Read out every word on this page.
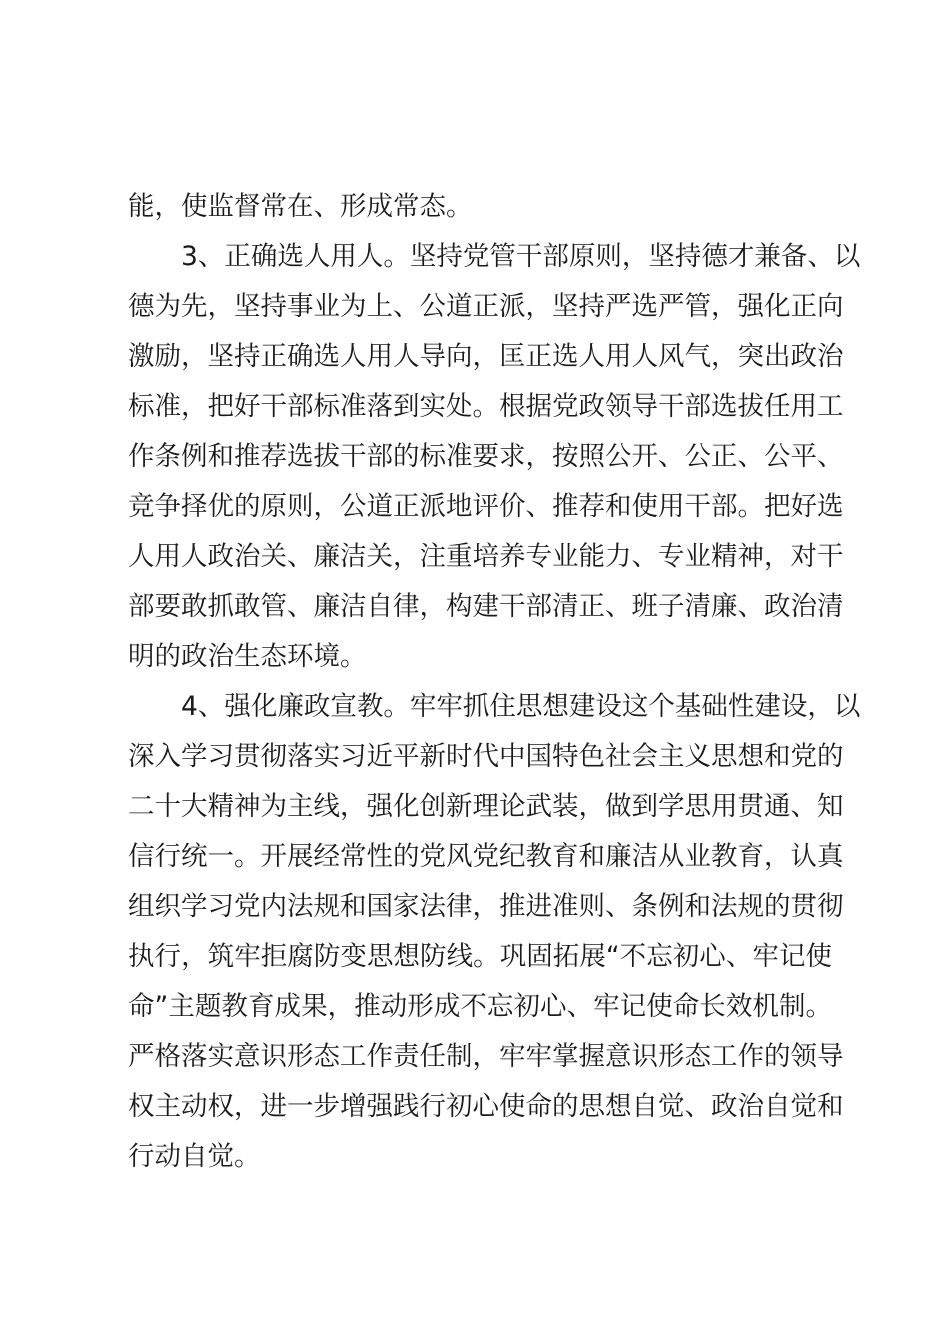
能，使监督常在、形成常态。
3、正确选人用人。坚持党管干部原则，坚持德才兼备、以
德为先，坚持事业为上、公道正派，坚持严选严管，强化正向
激励，坚持正确选人用人导向，匡正选人用人风气，突出政治
标准，把好干部标准落到实处。根据党政领导干部选拔任用工
作条例和推荐选拔干部的标准要求，按照公开、公正、公平、
竞争择优的原则，公道正派地评价、推荐和使用干部。把好选
人用人政治关、廉洁关，注重培养专业能力、专业精神，对干
部要敢抓敢管、廉洁自律，构建干部清正、班子清廉、政治清
明的政治生态环境。
4、强化廉政宣教。牢牢抓住思想建设这个基础性建设，以
深入学习贯彻落实习近平新时代中国特色社会主义思想和党的
二十大精神为主线，强化创新理论武装，做到学思用贯通、知
信行统一。开展经常性的党风党纪教育和廉洁从业教育，认真
组织学习党内法规和国家法律，推进准则、条例和法规的贯彻
执行，筑牢拒腐防变思想防线。巩固拓展“不忘初心、牢记使
命”主题教育成果，推动形成不忘初心、牢记使命长效机制。
严格落实意识形态工作责任制，牢牢掌握意识形态工作的领导
权主动权，进一步增强践行初心使命的思想自觉、政治自觉和
行动自觉。
